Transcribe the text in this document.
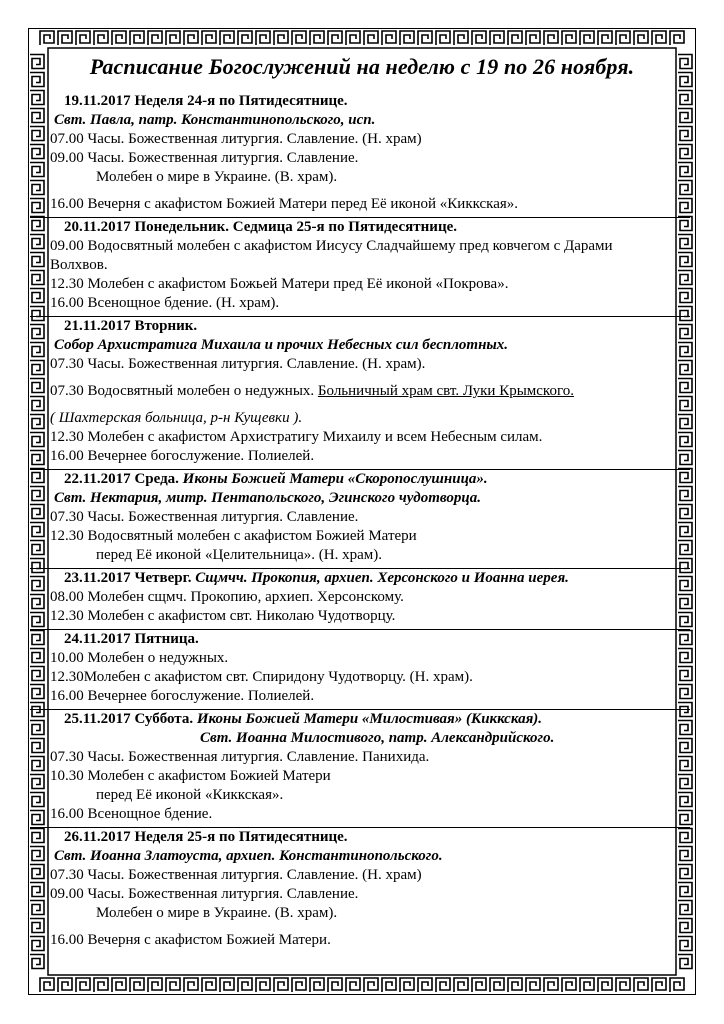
Расписание Богослужений на неделю с 19 по 26 ноября.
19.11.2017 Неделя 24-я по Пятидесятнице.
Свт. Павла, патр. Константинопольского, исп.
07.00 Часы. Божественная литургия. Славление. (Н. храм)
09.00 Часы. Божественная литургия. Славление.
Молебен о мире в Украине. (В. храм).
16.00 Вечерня с акафистом Божией Матери перед Её иконой «Киккская».
20.11.2017 Понедельник. Седмица 25-я по Пятидесятнице.
09.00 Водосвятный молебен с акафистом Иисусу Сладчайшему пред ковчегом с Дарами Волхвов.
12.30 Молебен с акафистом Божьей Матери пред Её иконой «Покрова».
16.00 Всенощное бдение. (Н. храм).
21.11.2017 Вторник.
Собор Архистратига Михаила и прочих Небесных сил бесплотных.
07.30 Часы. Божественная литургия. Славление. (Н. храм).
07.30 Водосвятный молебен о недужных. Больничный храм свт. Луки Крымского.
( Шахтерская больница, р-н Кущевки ).
12.30 Молебен с акафистом Архистратигу Михаилу и всем Небесным силам.
16.00 Вечернее богослужение. Полиелей.
22.11.2017 Среда. Иконы Божией Матери «Скоропослушница».
Свт. Нектария, митр. Пентапольского, Эгинского чудотворца.
07.30 Часы. Божественная литургия. Славление.
12.30 Водосвятный молебен с акафистом Божией Матери
перед Её иконой «Целительница». (Н. храм).
23.11.2017 Четверг. Сщмчч. Прокопия, архиеп. Херсонского и Иоанна иерея.
08.00 Молебен сщмч. Прокопию, архиеп. Херсонскому.
12.30 Молебен с акафистом свт. Николаю Чудотворцу.
24.11.2017 Пятница.
10.00 Молебен о недужных.
12.30Молебен с акафистом свт. Спиридону Чудотворцу. (Н. храм).
16.00 Вечернее богослужение. Полиелей.
25.11.2017 Суббота. Иконы Божией Матери «Милостивая» (Киккская).
Свт. Иоанна Милостивого, патр. Александрийского.
07.30 Часы. Божественная литургия. Славление. Панихида.
10.30 Молебен с акафистом Божией Матери
перед Её иконой «Киккская».
16.00 Всенощное бдение.
26.11.2017 Неделя 25-я по Пятидесятнице.
Свт. Иоанна Златоуста, архиеп. Константинопольского.
07.30 Часы. Божественная литургия. Славление. (Н. храм)
09.00 Часы. Божественная литургия. Славление.
Молебен о мире в Украине. (В. храм).
16.00 Вечерня с акафистом Божией Матери.
